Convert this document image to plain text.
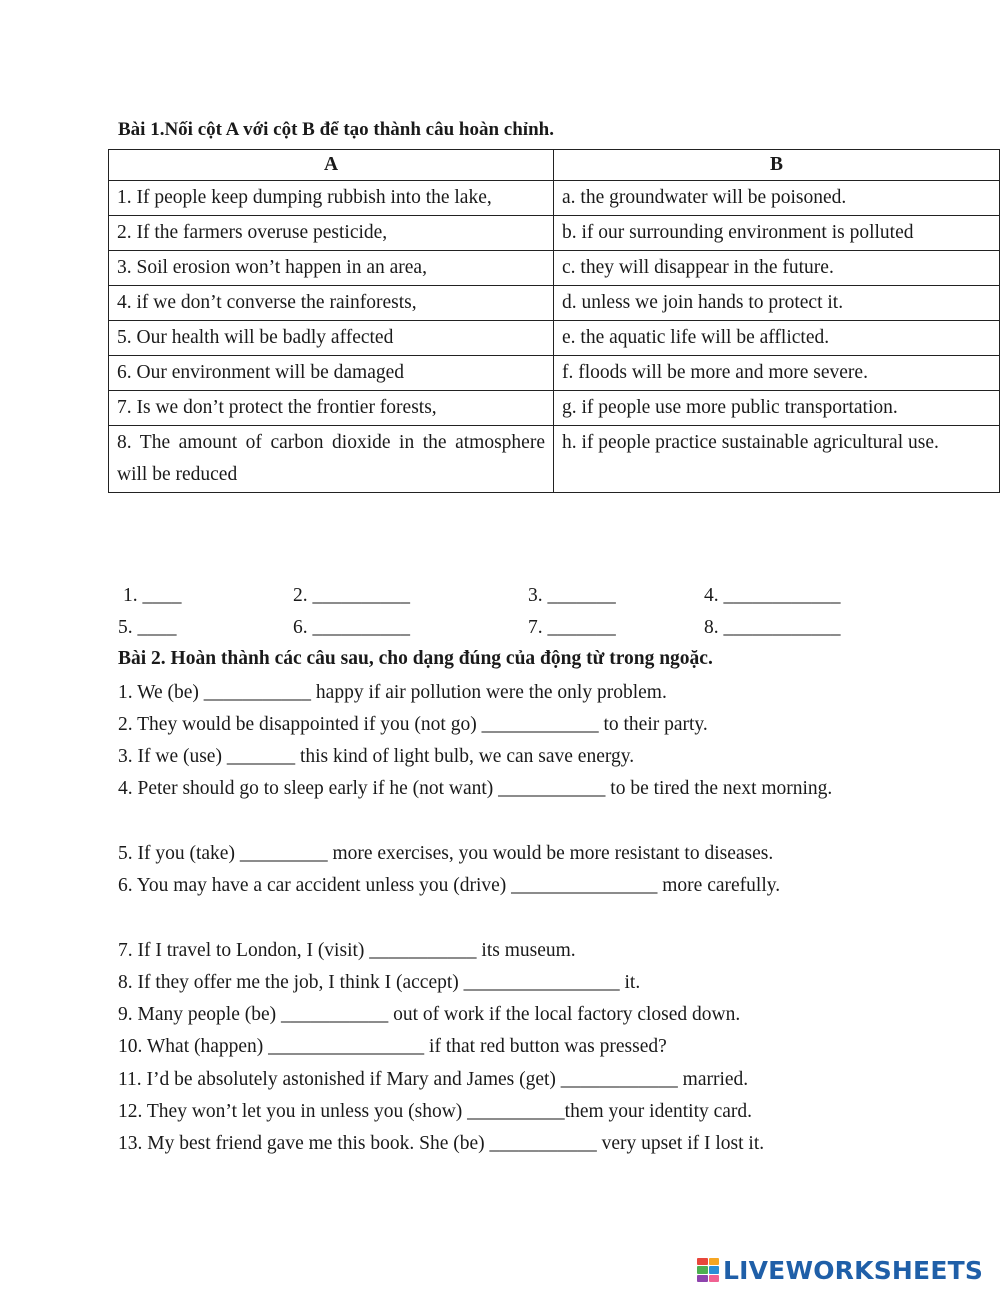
Bài 1.Nối cột A với cột B để tạo thành câu hoàn chỉnh.
A	B
1. If people keep dumping rubbish into the lake,	a. the groundwater will be poisoned.
2. If the farmers overuse pesticide,	b. if our surrounding environment is polluted
3. Soil erosion won’t happen in an area,	c. they will disappear in the future.
4. if we don’t converse the rainforests,	d. unless we join hands to protect it.
5. Our health will be badly affected	e. the aquatic life will be afflicted.
6. Our environment will be damaged	f. floods will be more and more severe.
7. Is we don’t protect the frontier forests,	g. if people use more public transportation.
8. The amount of carbon dioxide in the atmosphere will be reduced	h. if people practice sustainable agricultural use.
1. ____	2. __________	3. _______	4. ____________
5. ____	6. __________	7. _______	8. ____________
Bài 2. Hoàn thành các câu sau, cho dạng đúng của động từ trong ngoặc.
1. We (be) ___________ happy if air pollution were the only problem.
2. They would be disappointed if you (not go) ____________ to their party.
3. If we (use) _______ this kind of light bulb, we can save energy.
4. Peter should go to sleep early if he (not want) ___________ to be tired the next morning.
5. If you (take) _________ more exercises, you would be more resistant to diseases.
6. You may have a car accident unless you (drive) _______________ more carefully.
7. If I travel to London, I (visit) ___________ its museum.
8. If they offer me the job, I think I (accept) ________________ it.
9. Many people (be) ___________ out of work if the local factory closed down.
10. What (happen) ________________ if that red button was pressed?
11. I’d be absolutely astonished if Mary and James (get) ____________ married.
12. They won’t let you in unless you (show) __________them your identity card.
13. My best friend gave me this book. She (be) ___________ very upset if I lost it.
LIVEWORKSHEETS
